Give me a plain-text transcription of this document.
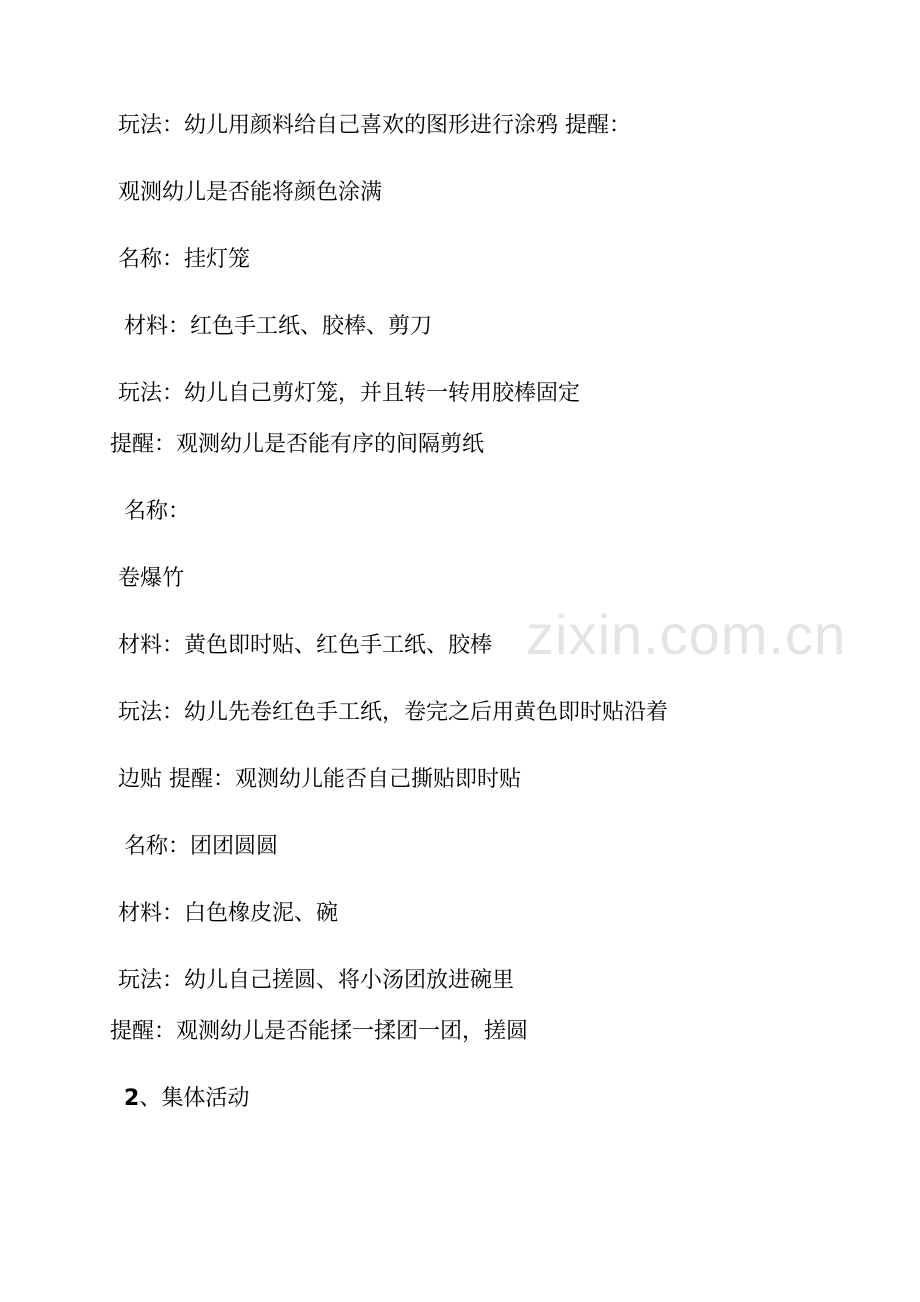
zixin.com.cn
玩法：幼儿用颜料给自己喜欢的图形进行涂鸦 提醒：
观测幼儿是否能将颜色涂满
名称：挂灯笼
材料：红色手工纸、胶棒、剪刀
玩法：幼儿自己剪灯笼，并且转一转用胶棒固定
提醒：观测幼儿是否能有序的间隔剪纸
名称：
卷爆竹
材料：黄色即时贴、红色手工纸、胶棒
玩法：幼儿先卷红色手工纸，卷完之后用黄色即时贴沿着
边贴 提醒：观测幼儿能否自己撕贴即时贴
名称：团团圆圆
材料：白色橡皮泥、碗
玩法：幼儿自己搓圆、将小汤团放进碗里
提醒：观测幼儿是否能揉一揉团一团，搓圆
2、集体活动
